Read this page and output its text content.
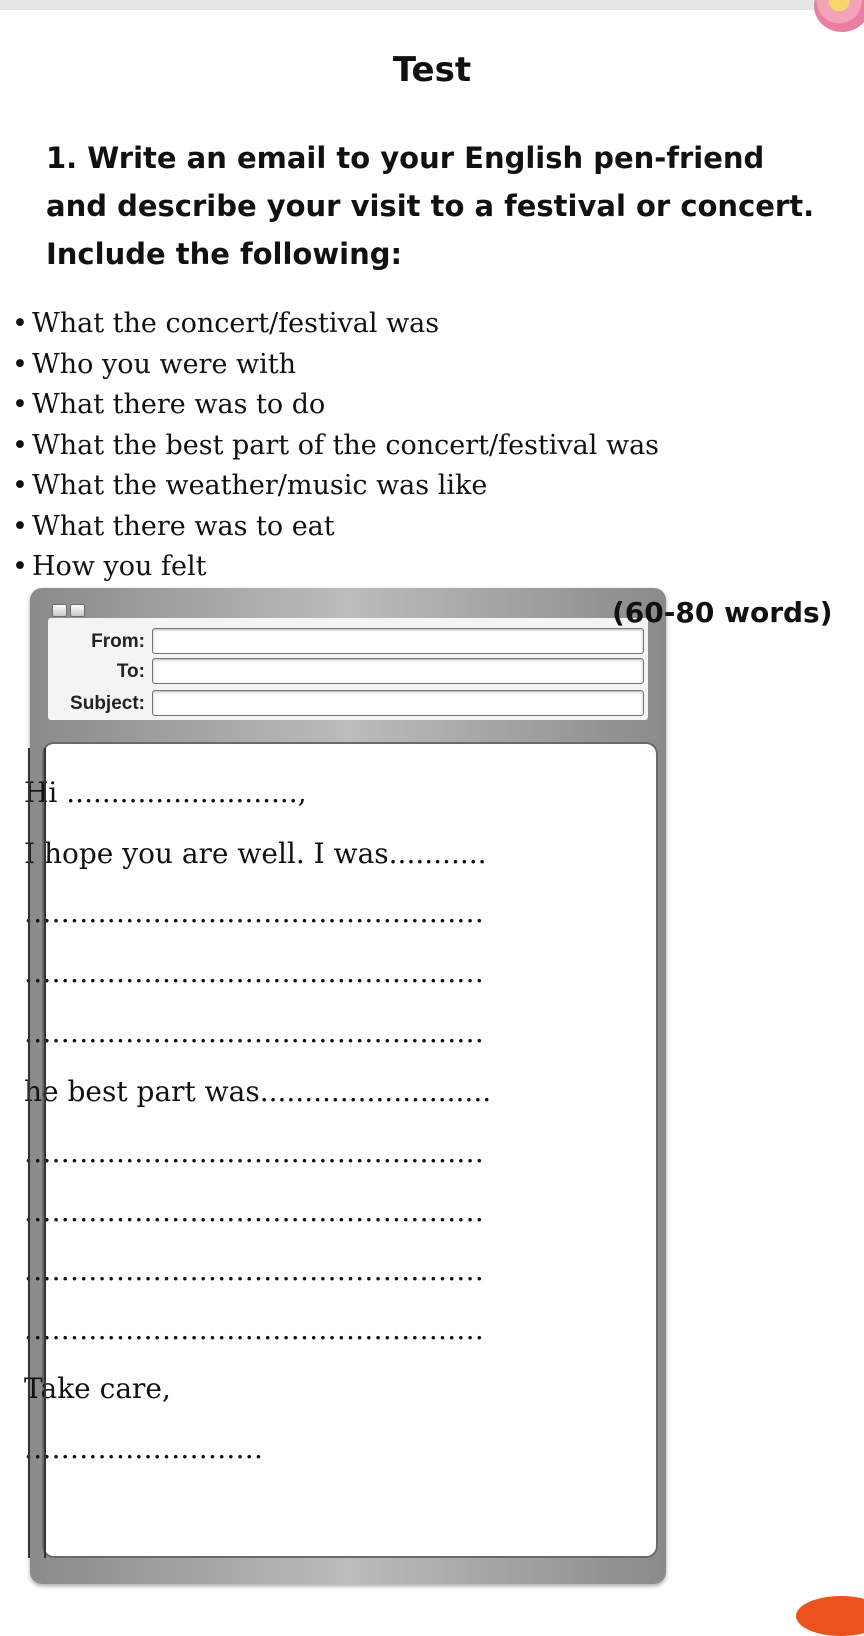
Test

1. Write an email to your English pen-friend and describe your visit to a festival or concert. Include the following:

• What the concert/festival was
• Who you were with
• What there was to do
• What the best part of the concert/festival was
• What the weather/music was like
• What there was to eat
• How you felt
(60-80 words)
From:
To:
Subject:
Hi ..........................,
I hope you are well. I was...........
..................................................
..................................................
..................................................
he best part was..........................
..................................................
..................................................
..................................................
..................................................
Take care,
..........................
